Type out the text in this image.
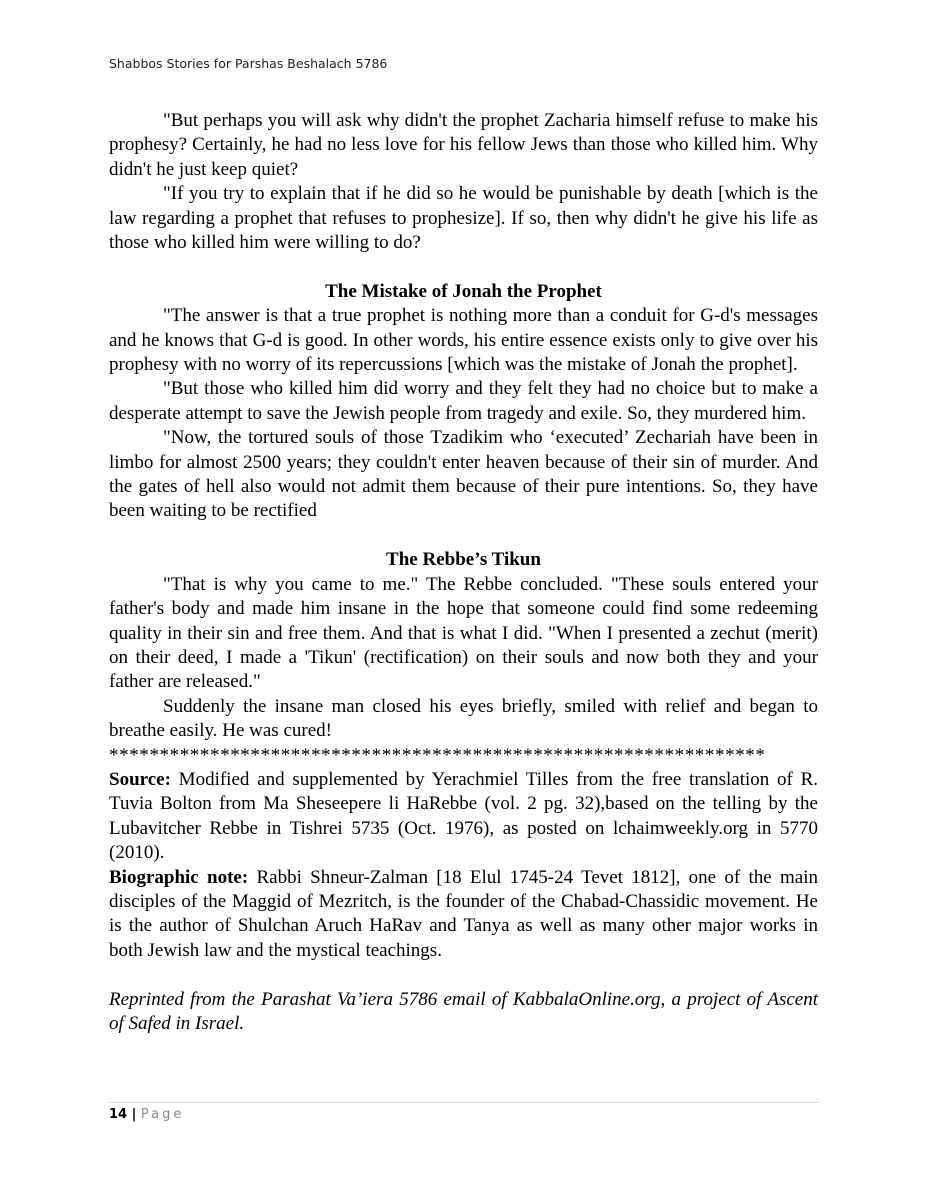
Shabbos Stories for Parshas Beshalach 5786

"But perhaps you will ask why didn't the prophet Zacharia himself refuse to make his prophesy? Certainly, he had no less love for his fellow Jews than those who killed him. Why didn't he just keep quiet?

"If you try to explain that if he did so he would be punishable by death [which is the law regarding a prophet that refuses to prophesize]. If so, then why didn't he give his life as those who killed him were willing to do?

The Mistake of Jonah the Prophet

"The answer is that a true prophet is nothing more than a conduit for G-d's messages and he knows that G-d is good. In other words, his entire essence exists only to give over his prophesy with no worry of its repercussions [which was the mistake of Jonah the prophet].

"But those who killed him did worry and they felt they had no choice but to make a desperate attempt to save the Jewish people from tragedy and exile. So, they murdered him.

"Now, the tortured souls of those Tzadikim who ‘executed’ Zechariah have been in limbo for almost 2500 years; they couldn't enter heaven because of their sin of murder. And the gates of hell also would not admit them because of their pure intentions. So, they have been waiting to be rectified

The Rebbe’s Tikun

"That is why you came to me." The Rebbe concluded. "These souls entered your father's body and made him insane in the hope that someone could find some redeeming quality in their sin and free them. And that is what I did. "When I presented a zechut (merit) on their deed, I made a 'Tikun' (rectification) on their souls and now both they and your father are released."

Suddenly the insane man closed his eyes briefly, smiled with relief and began to breathe easily. He was cured!

*****************************************************************

Source: Modified and supplemented by Yerachmiel Tilles from the free translation of R. Tuvia Bolton from Ma Sheseepere li HaRebbe (vol. 2 pg. 32),based on the telling by the Lubavitcher Rebbe in Tishrei 5735 (Oct. 1976), as posted on lchaimweekly.org in 5770 (2010).

Biographic note: Rabbi Shneur-Zalman [18 Elul 1745-24 Tevet 1812], one of the main disciples of the Maggid of Mezritch, is the founder of the Chabad-Chassidic movement. He is the author of Shulchan Aruch HaRav and Tanya as well as many other major works in both Jewish law and the mystical teachings.

Reprinted from the Parashat Va’iera 5786 email of KabbalaOnline.org, a project of Ascent of Safed in Israel.

14 | Page
